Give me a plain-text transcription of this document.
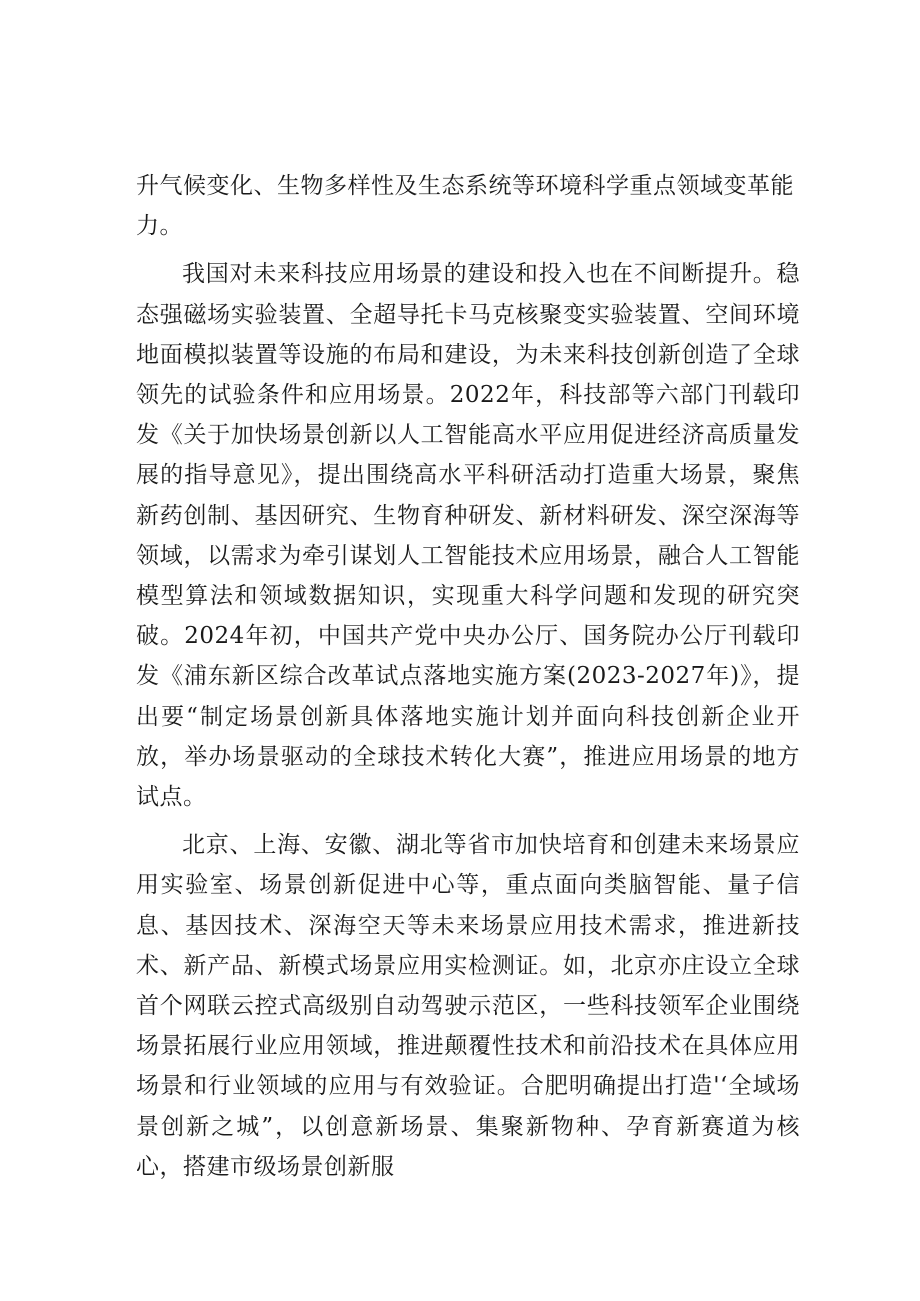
升气候变化、生物多样性及生态系统等环境科学重点领域变革能力。

我国对未来科技应用场景的建设和投入也在不间断提升。稳态强磁场实验装置、全超导托卡马克核聚变实验装置、空间环境地面模拟装置等设施的布局和建设，为未来科技创新创造了全球领先的试验条件和应用场景。2022年，科技部等六部门刊载印发《关于加快场景创新以人工智能高水平应用促进经济高质量发展的指导意见》，提出围绕高水平科研活动打造重大场景，聚焦新药创制、基因研究、生物育种研发、新材料研发、深空深海等领域，以需求为牵引谋划人工智能技术应用场景，融合人工智能模型算法和领域数据知识，实现重大科学问题和发现的研究突破。2024年初，中国共产党中央办公厅、国务院办公厅刊载印发《浦东新区综合改革试点落地实施方案(2023-2027年)》，提出要“制定场景创新具体落地实施计划并面向科技创新企业开放，举办场景驱动的全球技术转化大赛”，推进应用场景的地方试点。

北京、上海、安徽、湖北等省市加快培育和创建未来场景应用实验室、场景创新促进中心等，重点面向类脑智能、量子信息、基因技术、深海空天等未来场景应用技术需求，推进新技术、新产品、新模式场景应用实检测证。如，北京亦庄设立全球首个网联云控式高级别自动驾驶示范区，一些科技领军企业围绕场景拓展行业应用领域，推进颠覆性技术和前沿技术在具体应用场景和行业领域的应用与有效验证。合肥明确提出打造'‘全域场景创新之城”，以创意新场景、集聚新物种、孕育新赛道为核心，搭建市级场景创新服
